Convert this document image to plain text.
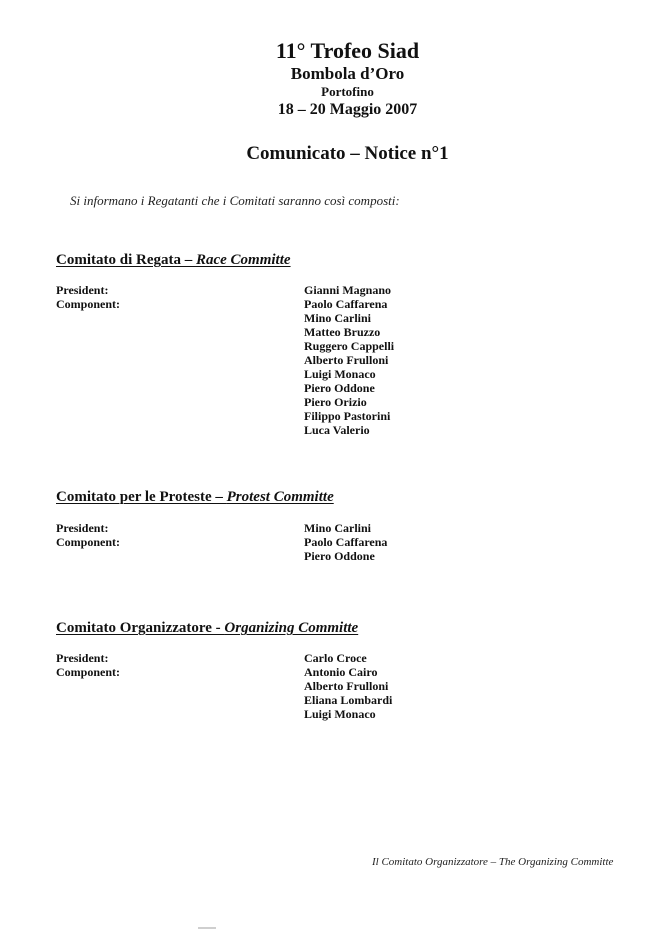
11° Trofeo Siad
Bombola d’Oro
Portofino
18 – 20 Maggio 2007
Comunicato – Notice n°1
Si informano i Regatanti che i Comitati saranno così composti:
Comitato di Regata – Race Committe
President:
Component:
Gianni Magnano
Paolo Caffarena
Mino Carlini
Matteo Bruzzo
Ruggero Cappelli
Alberto Frulloni
Luigi Monaco
Piero Oddone
Piero Orizio
Filippo Pastorini
Luca Valerio
Comitato per le Proteste – Protest Committe
President:
Component:
Mino Carlini
Paolo Caffarena
Piero Oddone
Comitato Organizzatore - Organizing Committe
President:
Component:
Carlo Croce
Antonio Cairo
Alberto Frulloni
Eliana Lombardi
Luigi Monaco
Il Comitato Organizzatore – The Organizing Committe
